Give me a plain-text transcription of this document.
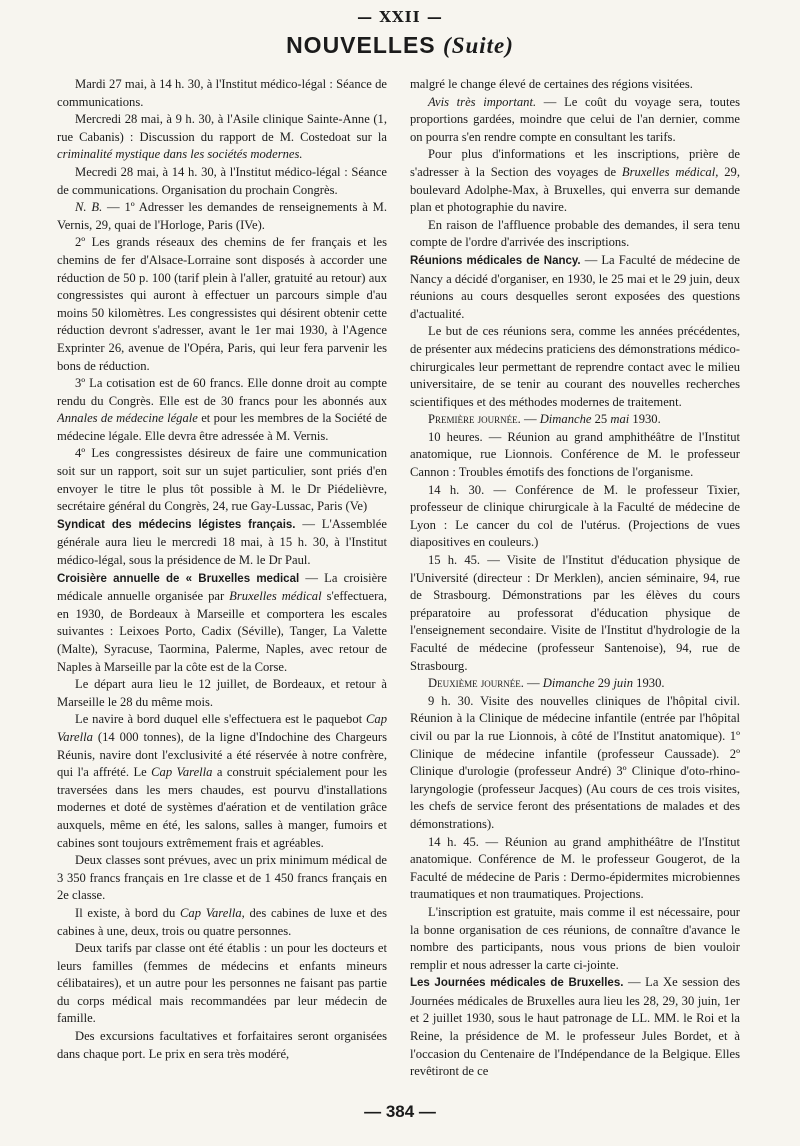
— XXII —
NOUVELLES (Suite)

Mardi 27 mai, à 14 h. 30, à l'Institut médico-légal : Séance de communications.

Mercredi 28 mai, à 9 h. 30, à l'Asile clinique Sainte-Anne (1, rue Cabanis) : Discussion du rapport de M. Costedoat sur la criminalité mystique dans les sociétés modernes.

Mecredi 28 mai, à 14 h. 30, à l'Institut médico-légal : Séance de communications. Organisation du prochain Congrès.

N. B. — 1º Adresser les demandes de renseignements à M. Vernis, 29, quai de l'Horloge, Paris (IVe).

2º Les grands réseaux des chemins de fer français et les chemins de fer d'Alsace-Lorraine sont disposés à accorder une réduction de 50 p. 100 (tarif plein à l'aller, gratuité au retour) aux congressistes qui auront à effectuer un parcours simple d'au moins 50 kilomètres. Les congressistes qui désirent obtenir cette réduction devront s'adresser, avant le 1er mai 1930, à l'Agence Exprinter 26, avenue de l'Opéra, Paris, qui leur fera parvenir les bons de réduction.

3º La cotisation est de 60 francs. Elle donne droit au compte rendu du Congrès. Elle est de 30 francs pour les abonnés aux Annales de médecine légale et pour les membres de la Société de médecine légale. Elle devra être adressée à M. Vernis.

4º Les congressistes désireux de faire une communication soit sur un rapport, soit sur un sujet particulier, sont priés d'en envoyer le titre le plus tôt possible à M. le Dr Piédelièvre, secrétaire général du Congrès, 24, rue Gay-Lussac, Paris (Ve)

Syndicat des médecins légistes français. — L'Assemblée générale aura lieu le mercredi 18 mai, à 15 h. 30, à l'Institut médico-légal, sous la présidence de M. le Dr Paul.

Croisière annuelle de « Bruxelles medical — La croisière médicale annuelle organisée par Bruxelles médical s'effectuera, en 1930, de Bordeaux à Marseille et comportera les escales suivantes : Leixoes Porto, Cadix (Séville), Tanger, La Valette (Malte), Syracuse, Taormina, Palerme, Naples, avec retour de Naples à Marseille par la côte est de la Corse.

Le départ aura lieu le 12 juillet, de Bordeaux, et retour à Marseille le 28 du même mois.

Le navire à bord duquel elle s'effectuera est le paquebot Cap Varella (14 000 tonnes), de la ligne d'Indochine des Chargeurs Réunis, navire dont l'exclusivité a été réservée à notre confrère, qui l'a affrété. Le Cap Varella a construit spécialement pour les traversées dans les mers chaudes, est pourvu d'installations modernes et doté de systèmes d'aération et de ventilation grâce auxquels, même en été, les salons, salles à manger, fumoirs et cabines sont toujours extrêmement frais et agréables.

Deux classes sont prévues, avec un prix minimum médical de 3 350 francs français en 1re classe et de 1 450 francs français en 2e classe.

Il existe, à bord du Cap Varella, des cabines de luxe et des cabines à une, deux, trois ou quatre personnes.

Deux tarifs par classe ont été établis : un pour les docteurs et leurs familles (femmes de médecins et enfants mineurs célibataires), et un autre pour les personnes ne faisant pas partie du corps médical mais recommandées par leur médecin de famille.

Des excursions facultatives et forfaitaires seront organisées dans chaque port. Le prix en sera très modéré,

malgré le change élevé de certaines des régions visitées.

Avis très important. — Le coût du voyage sera, toutes proportions gardées, moindre que celui de l'an dernier, comme on pourra s'en rendre compte en consultant les tarifs.

Pour plus d'informations et les inscriptions, prière de s'adresser à la Section des voyages de Bruxelles médical, 29, boulevard Adolphe-Max, à Bruxelles, qui enverra sur demande plan et photographie du navire.

En raison de l'affluence probable des demandes, il sera tenu compte de l'ordre d'arrivée des inscriptions.

Réunions médicales de Nancy. — La Faculté de médecine de Nancy a décidé d'organiser, en 1930, le 25 mai et le 29 juin, deux réunions au cours desquelles seront exposées des questions d'actualité.

Le but de ces réunions sera, comme les années précédentes, de présenter aux médecins praticiens des démonstrations médico-chirurgicales leur permettant de reprendre contact avec le milieu universitaire, de se tenir au courant des nouvelles recherches scientifiques et des méthodes modernes de traitement.

Première journée. — Dimanche 25 mai 1930.

10 heures. — Réunion au grand amphithéâtre de l'Institut anatomique, rue Lionnois. Conférence de M. le professeur Cannon : Troubles émotifs des fonctions de l'organisme.

14 h. 30. — Conférence de M. le professeur Tixier, professeur de clinique chirurgicale à la Faculté de médecine de Lyon : Le cancer du col de l'utérus. (Projections de vues diapositives en couleurs.)

15 h. 45. — Visite de l'Institut d'éducation physique de l'Université (directeur : Dr Merklen), ancien séminaire, 94, rue de Strasbourg. Démonstrations par les élèves du cours préparatoire au professorat d'éducation physique de l'enseignement secondaire. Visite de l'Institut d'hydrologie de la Faculté de médecine (professeur Santenoise), 94, rue de Strasbourg.

Deuxième journée. — Dimanche 29 juin 1930.

9 h. 30. Visite des nouvelles cliniques de l'hôpital civil. Réunion à la Clinique de médecine infantile (entrée par l'hôpital civil ou par la rue Lionnois, à côté de l'Institut anatomique). 1º Clinique de médecine infantile (professeur Caussade). 2º Clinique d'urologie (professeur André) 3º Clinique d'oto-rhino-laryngologie (professeur Jacques) (Au cours de ces trois visites, les chefs de service feront des présentations de malades et des démonstrations).

14 h. 45. — Réunion au grand amphithéâtre de l'Institut anatomique. Conférence de M. le professeur Gougerot, de la Faculté de médecine de Paris : Dermo-épidermites microbiennes traumatiques et non traumatiques. Projections.

L'inscription est gratuite, mais comme il est nécessaire, pour la bonne organisation de ces réunions, de connaître d'avance le nombre des participants, nous vous prions de bien vouloir remplir et nous adresser la carte ci-jointe.

Les Journées médicales de Bruxelles. — La Xe session des Journées médicales de Bruxelles aura lieu les 28, 29, 30 juin, 1er et 2 juillet 1930, sous le haut patronage de LL. MM. le Roi et la Reine, la présidence de M. le professeur Jules Bordet, et à l'occasion du Centenaire de l'Indépendance de la Belgique. Elles revêtiront de ce

— 384 —
